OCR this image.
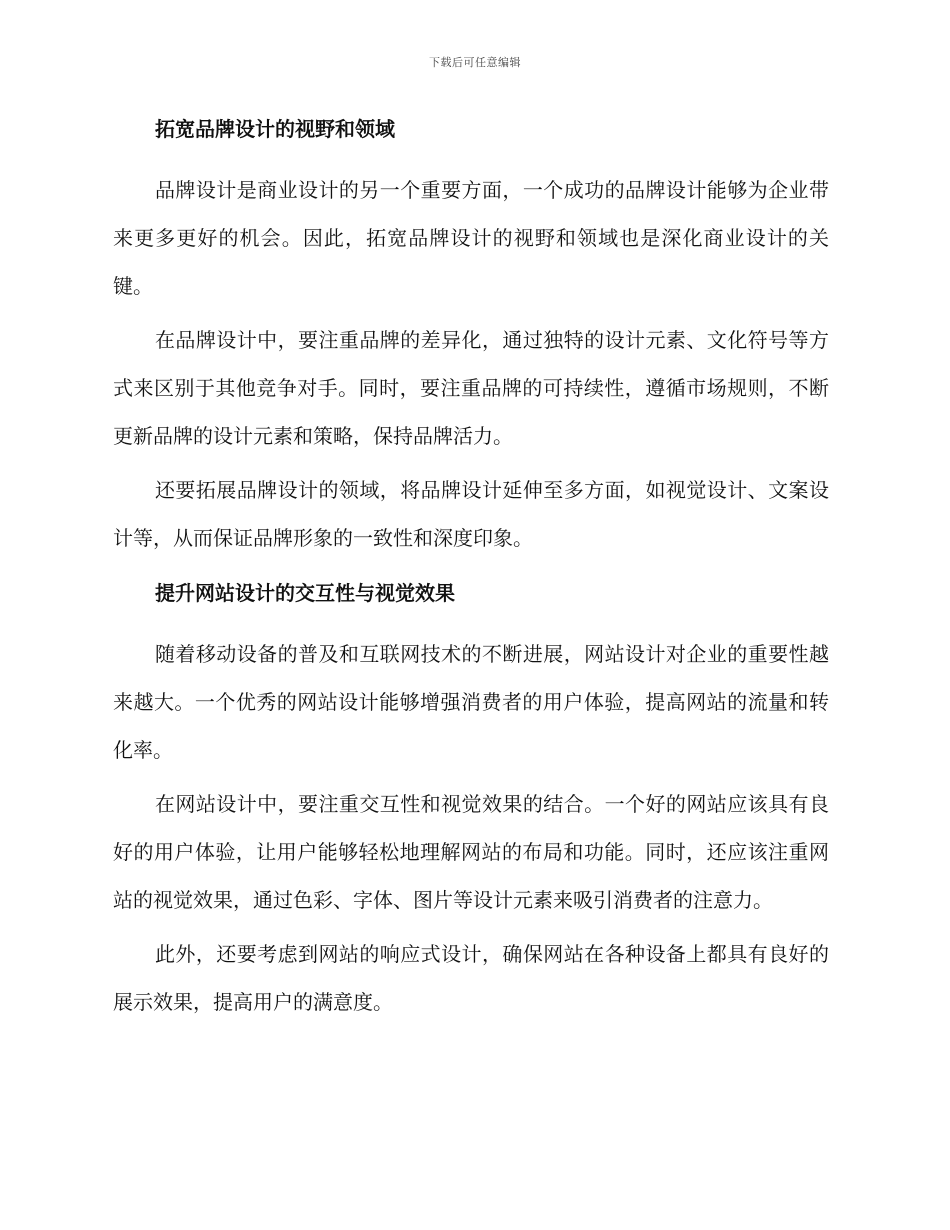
下载后可任意编辑
拓宽品牌设计的视野和领域

品牌设计是商业设计的另一个重要方面，一个成功的品牌设计能够为企业带来更多更好的机会。因此，拓宽品牌设计的视野和领域也是深化商业设计的关键。

在品牌设计中，要注重品牌的差异化，通过独特的设计元素、文化符号等方式来区别于其他竞争对手。同时，要注重品牌的可持续性，遵循市场规则，不断更新品牌的设计元素和策略，保持品牌活力。

还要拓展品牌设计的领域，将品牌设计延伸至多方面，如视觉设计、文案设计等，从而保证品牌形象的一致性和深度印象。

提升网站设计的交互性与视觉效果

随着移动设备的普及和互联网技术的不断进展，网站设计对企业的重要性越来越大。一个优秀的网站设计能够增强消费者的用户体验，提高网站的流量和转化率。

在网站设计中，要注重交互性和视觉效果的结合。一个好的网站应该具有良好的用户体验，让用户能够轻松地理解网站的布局和功能。同时，还应该注重网站的视觉效果，通过色彩、字体、图片等设计元素来吸引消费者的注意力。

此外，还要考虑到网站的响应式设计，确保网站在各种设备上都具有良好的展示效果，提高用户的满意度。
